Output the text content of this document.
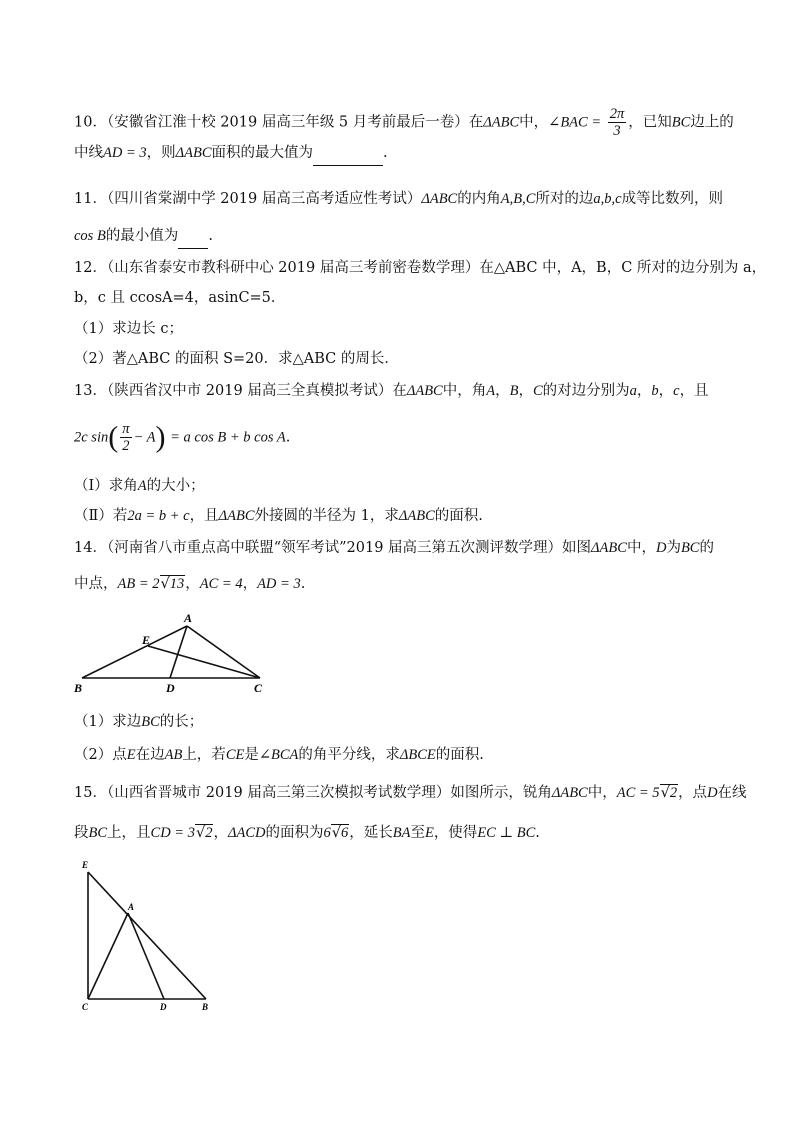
10．（安徽省江淮十校 2019 届高三年级 5 月考前最后一卷）在ΔABC中，∠BAC = $\frac{2\pi}{3}$ ，已知BC边上的
中线AD = 3，则ΔABC面积的最大值为	.
11．（四川省棠湖中学 2019 届高三高考适应性考试）ΔABC的内角A,B,C所对的边a,b,c成等比数列，则
cos B的最小值为 .
12．（山东省泰安市教科研中心 2019 届高三考前密卷数学理）在△ABC 中，A，B，C 所对的边分别为 a，
b，c 且 ccosA=4，asinC=5．
（1）求边长 c；
（2）著△ABC 的面积 S=20．求△ABC 的周长．
13．（陕西省汉中市 2019 届高三全真模拟考试）在ΔABC中，角A，B，C的对边分别为a，b，c，且
2c $\sin( \frac{\pi}{2} - A) = a$ cos B + b cos A.
（Ⅰ）求角A的大小；
（Ⅱ）若2a = b + c，且ΔABC外接圆的半径为 1，求ΔABC的面积.
14．（河南省八市重点高中联盟“领军考试”2019 届高三第五次测评数学理）如图ΔABC中，D为BC的
中点，AB = 2√13，AC = 4，AD = 3.
A
B	C
D
E
（1）求边BC的长；
（2）点E在边AB上，若CE是∠BCA的角平分线，求ΔBCE的面积.
15．（山西省晋城市 2019 届高三第三次模拟考试数学理）如图所示，锐角ΔABC中，AC = 5√2，点D在线
段BC上，且CD = 3√2，ΔACD的面积为6√6，延长BA至E，使得EC ⊥ BC.
E
A
C	D	B
